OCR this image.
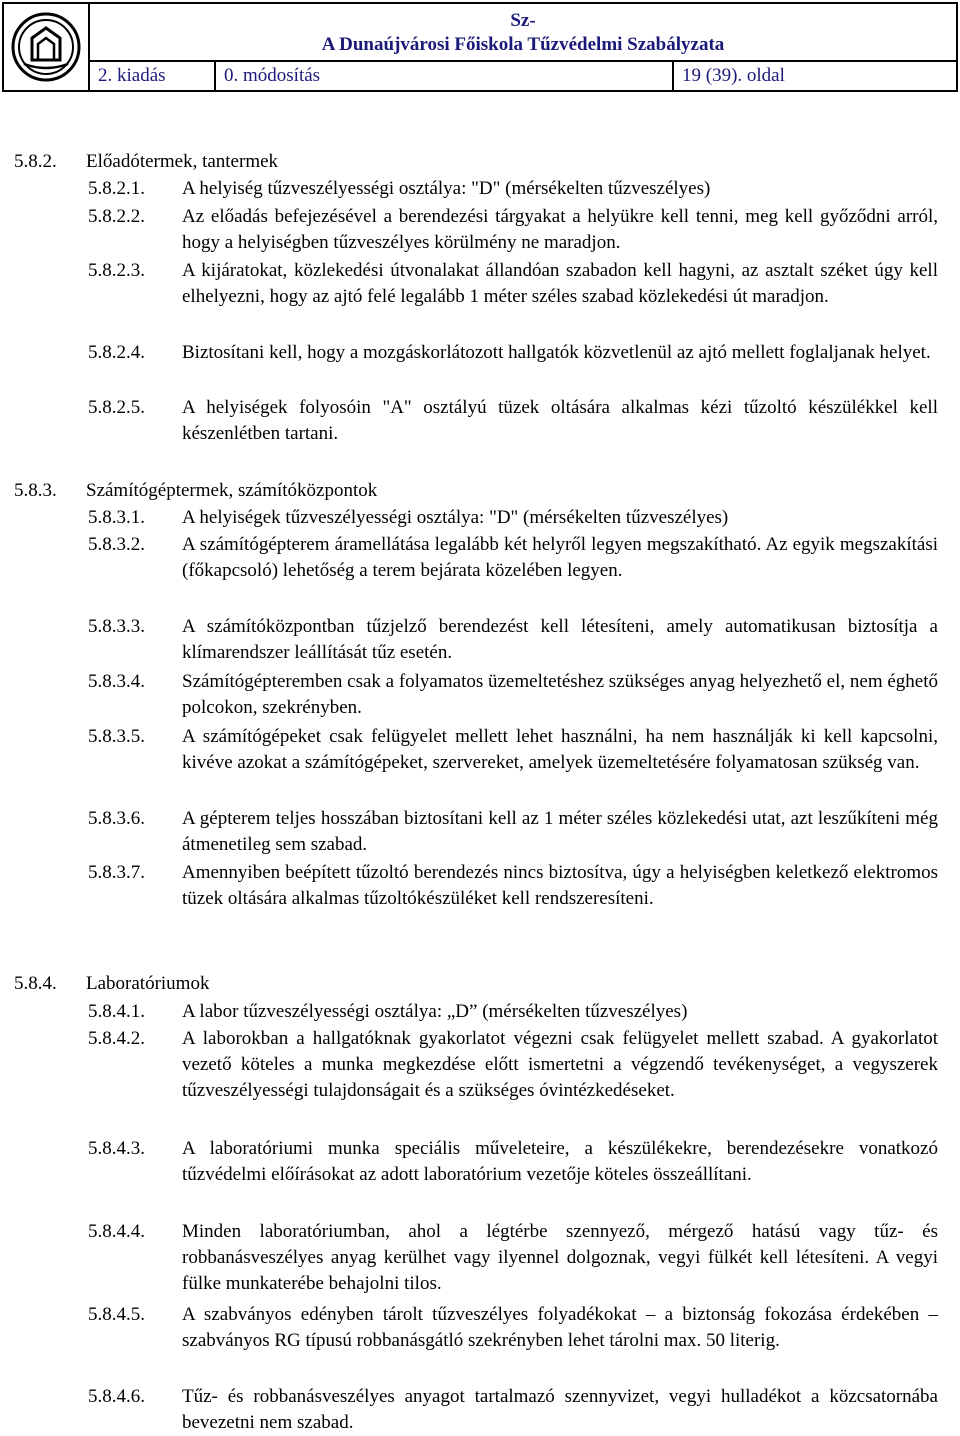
Sz-
A Dunaújvárosi Főiskola Tűzvédelmi Szabályzata
2. kiadás	0. módosítás	19 (39). oldal
5.8.2. Előadótermek, tantermek
5.8.2.1. A helyiség tűzveszélyességi osztálya: "D" (mérsékelten tűzveszélyes)
5.8.2.2. Az előadás befejezésével a berendezési tárgyakat a helyükre kell tenni, meg kell győződni arról, hogy a helyiségben tűzveszélyes körülmény ne maradjon.
5.8.2.3. A kijáratokat, közlekedési útvonalakat állandóan szabadon kell hagyni, az asztalt széket úgy kell elhelyezni, hogy az ajtó felé legalább 1 méter széles szabad közlekedési út maradjon.
5.8.2.4. Biztosítani kell, hogy a mozgáskorlátozott hallgatók közvetlenül az ajtó mellett foglaljanak helyet.
5.8.2.5. A helyiségek folyosóin "A" osztályú tüzek oltására alkalmas kézi tűzoltó készülékkel kell készenlétben tartani.
5.8.3. Számítógéptermek, számítóközpontok
5.8.3.1. A helyiségek tűzveszélyességi osztálya: "D" (mérsékelten tűzveszélyes)
5.8.3.2. A számítógépterem áramellátása legalább két helyről legyen megszakítható. Az egyik megszakítási (főkapcsoló) lehetőség a terem bejárata közelében legyen.
5.8.3.3. A számítóközpontban tűzjelző berendezést kell létesíteni, amely automatikusan biztosítja a klímarendszer leállítását tűz esetén.
5.8.3.4. Számítógépteremben csak a folyamatos üzemeltetéshez szükséges anyag helyezhető el, nem éghető polcokon, szekrényben.
5.8.3.5. A számítógépeket csak felügyelet mellett lehet használni, ha nem használják ki kell kapcsolni, kivéve azokat a számítógépeket, szervereket, amelyek üzemeltetésére folyamatosan szükség van.
5.8.3.6. A gépterem teljes hosszában biztosítani kell az 1 méter széles közlekedési utat, azt leszűkíteni még átmenetileg sem szabad.
5.8.3.7. Amennyiben beépített tűzoltó berendezés nincs biztosítva, úgy a helyiségben keletkező elektromos tüzek oltására alkalmas tűzoltókészüléket kell rendszeresíteni.
5.8.4. Laboratóriumok
5.8.4.1. A labor tűzveszélyességi osztálya: „D” (mérsékelten tűzveszélyes)
5.8.4.2. A laborokban a hallgatóknak gyakorlatot végezni csak felügyelet mellett szabad. A gyakorlatot vezető köteles a munka megkezdése előtt ismertetni a végzendő tevékenységet, a vegyszerek tűzveszélyességi tulajdonságait és a szükséges óvintézkedéseket.
5.8.4.3. A laboratóriumi munka speciális műveleteire, a készülékekre, berendezésekre vonatkozó tűzvédelmi előírásokat az adott laboratórium vezetője köteles összeállítani.
5.8.4.4. Minden laboratóriumban, ahol a légtérbe szennyező, mérgező hatású vagy tűz- és robbanásveszélyes anyag kerülhet vagy ilyennel dolgoznak, vegyi fülkét kell létesíteni. A vegyi fülke munkaterébe behajolni tilos.
5.8.4.5. A szabványos edényben tárolt tűzveszélyes folyadékokat – a biztonság fokozása érdekében – szabványos RG típusú robbanásgátló szekrényben lehet tárolni max. 50 literig.
5.8.4.6. Tűz- és robbanásveszélyes anyagot tartalmazó szennyvizet, vegyi hulladékot a közcsatornába bevezetni nem szabad.
